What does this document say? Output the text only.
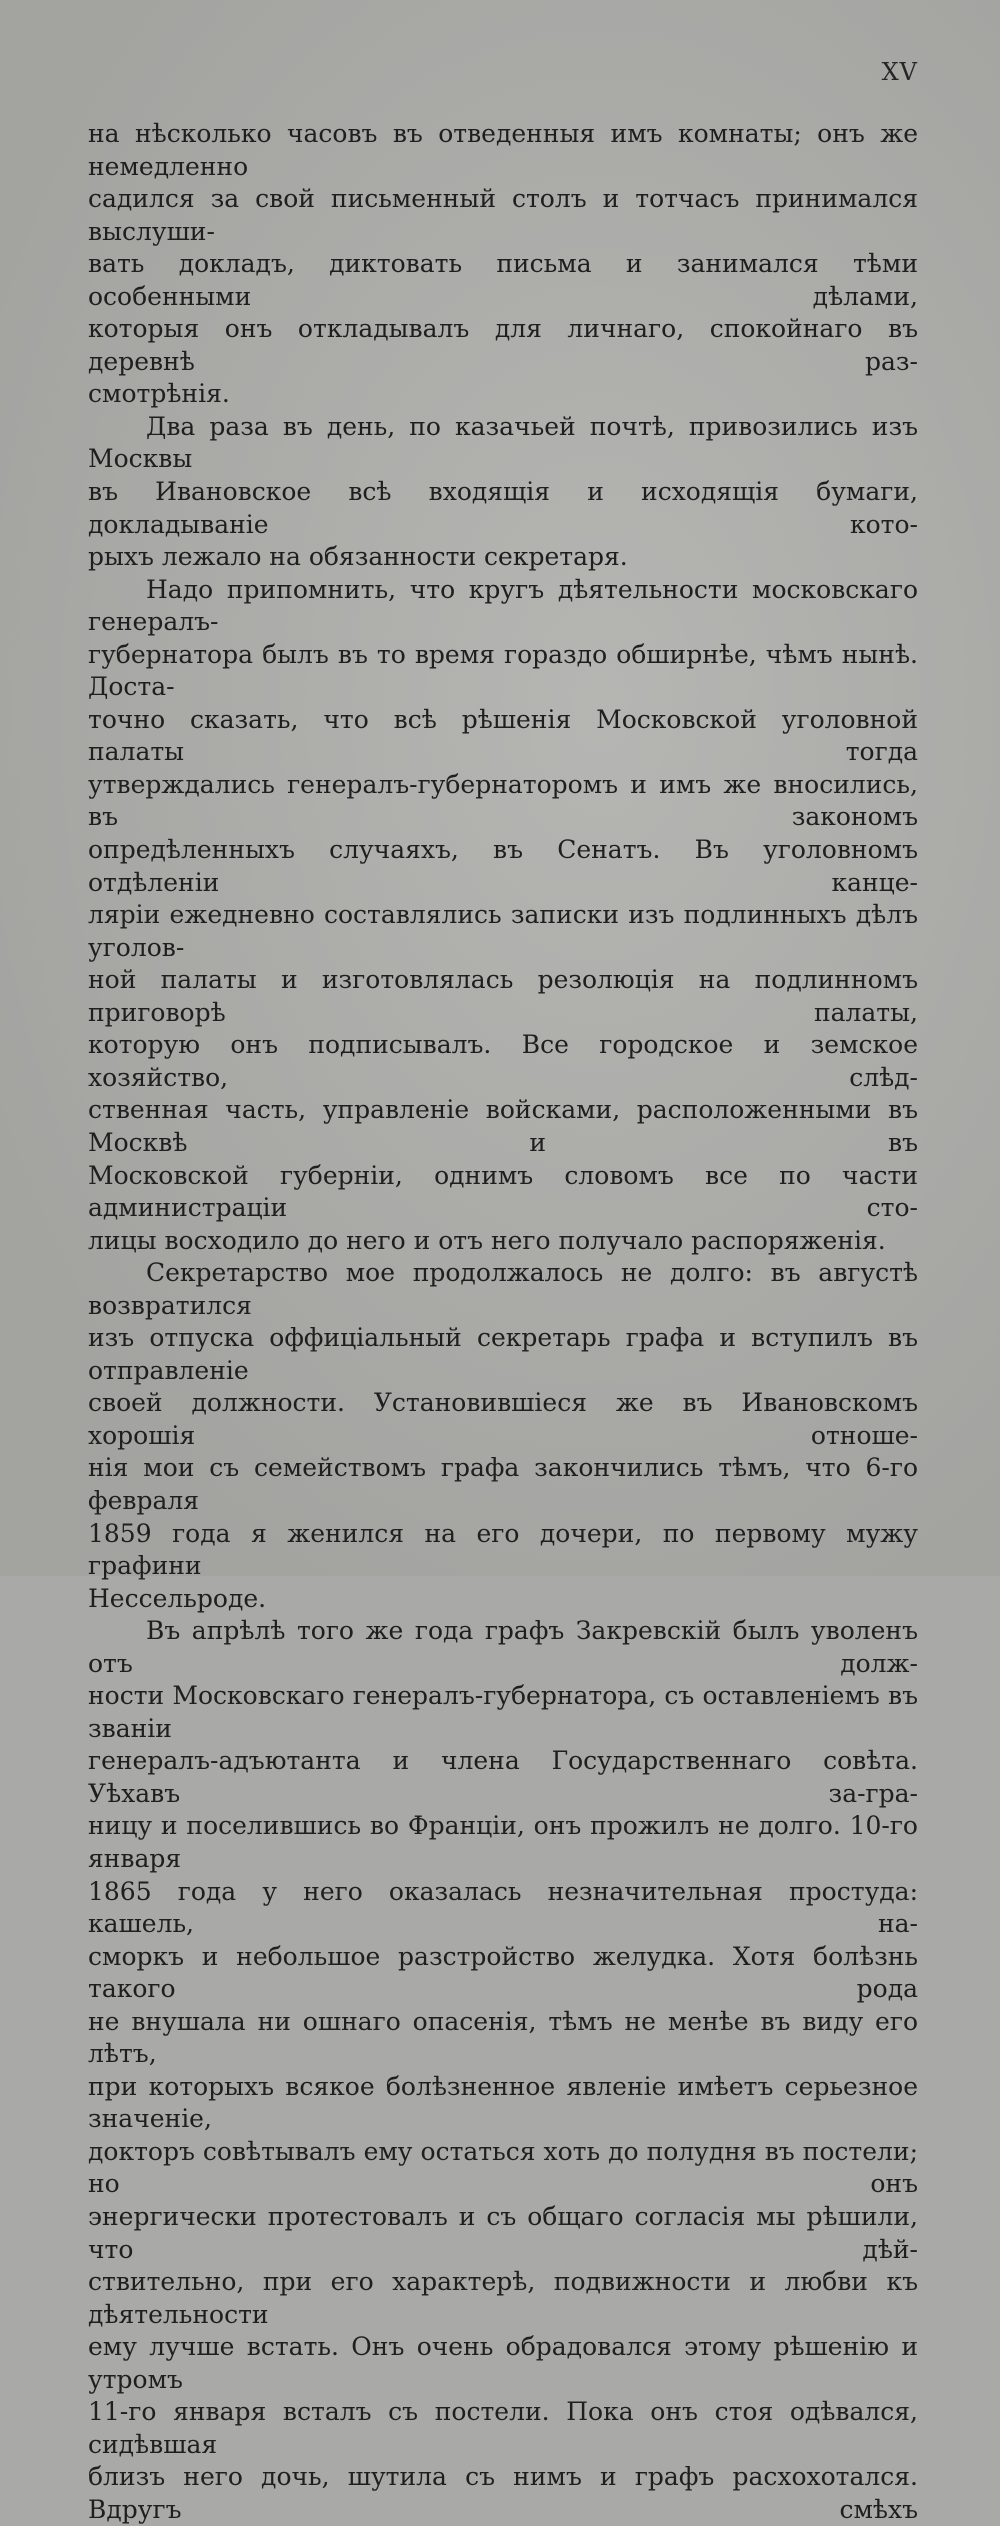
XV
на нѣсколько часовъ въ отведенныя имъ комнаты; онъ же немедленно
садился за свой письменный столъ и тотчасъ принимался выслуши-
вать докладъ, диктовать письма и занимался тѣми особенными дѣлами,
которыя онъ откладывалъ для личнаго, спокойнаго въ деревнѣ раз-
смотрѣнія.
Два раза въ день, по казачьей почтѣ, привозились изъ Москвы
въ Ивановское всѣ входящія и исходящія бумаги, докладываніе кото-
рыхъ лежало на обязанности секретаря.
Надо припомнить, что кругъ дѣятельности московскаго генералъ-
губернатора былъ въ то время гораздо обширнѣе, чѣмъ нынѣ. Доста-
точно сказать, что всѣ рѣшенія Московской уголовной палаты тогда
утверждались генералъ-губернаторомъ и имъ же вносились, въ закономъ
опредѣленныхъ случаяхъ, въ Сенатъ. Въ уголовномъ отдѣленіи канце-
ляріи ежедневно составлялись записки изъ подлинныхъ дѣлъ уголов-
ной палаты и изготовлялась резолюція на подлинномъ приговорѣ палаты,
которую онъ подписывалъ. Все городское и земское хозяйство, слѣд-
ственная часть, управленіе войсками, расположенными въ Москвѣ и въ
Московской губерніи, однимъ словомъ все по части администраціи сто-
лицы восходило до него и отъ него получало распоряженія.
Секретарство мое продолжалось не долго: въ августѣ возвратился
изъ отпуска оффиціальный секретарь графа и вступилъ въ отправленіе
своей должности. Установившіеся же въ Ивановскомъ хорошія отноше-
нія мои съ семействомъ графа закончились тѣмъ, что 6-го февраля
1859 года я женился на его дочери, по первому мужу графини
Нессельроде.
Въ апрѣлѣ того же года графъ Закревскій былъ уволенъ отъ долж-
ности Московскаго генералъ-губернатора, съ оставленіемъ въ званіи
генералъ-адъютанта и члена Государственнаго совѣта. Уѣхавъ за-гра-
ницу и поселившись во Франціи, онъ прожилъ не долго. 10-го января
1865 года у него оказалась незначительная простуда: кашель, на-
сморкъ и небольшое разстройство желудка. Хотя болѣзнь такого рода
не внушала ни ошнаго опасенія, тѣмъ не менѣе въ виду его лѣтъ,
при которыхъ всякое болѣзненное явленіе имѣетъ серьезное значеніе,
докторъ совѣтывалъ ему остаться хоть до полудня въ постели; но онъ
энергически протестовалъ и съ общаго согласія мы рѣшили, что дѣй-
ствительно, при его характерѣ, подвижности и любви къ дѣятельности
ему лучше встать. Онъ очень обрадовался этому рѣшенію и утромъ
11-го января всталъ съ постели. Пока онъ стоя одѣвался, сидѣвшая
близъ него дочь, шутила съ нимъ и графъ расхохотался. Вдругъ смѣхъ
